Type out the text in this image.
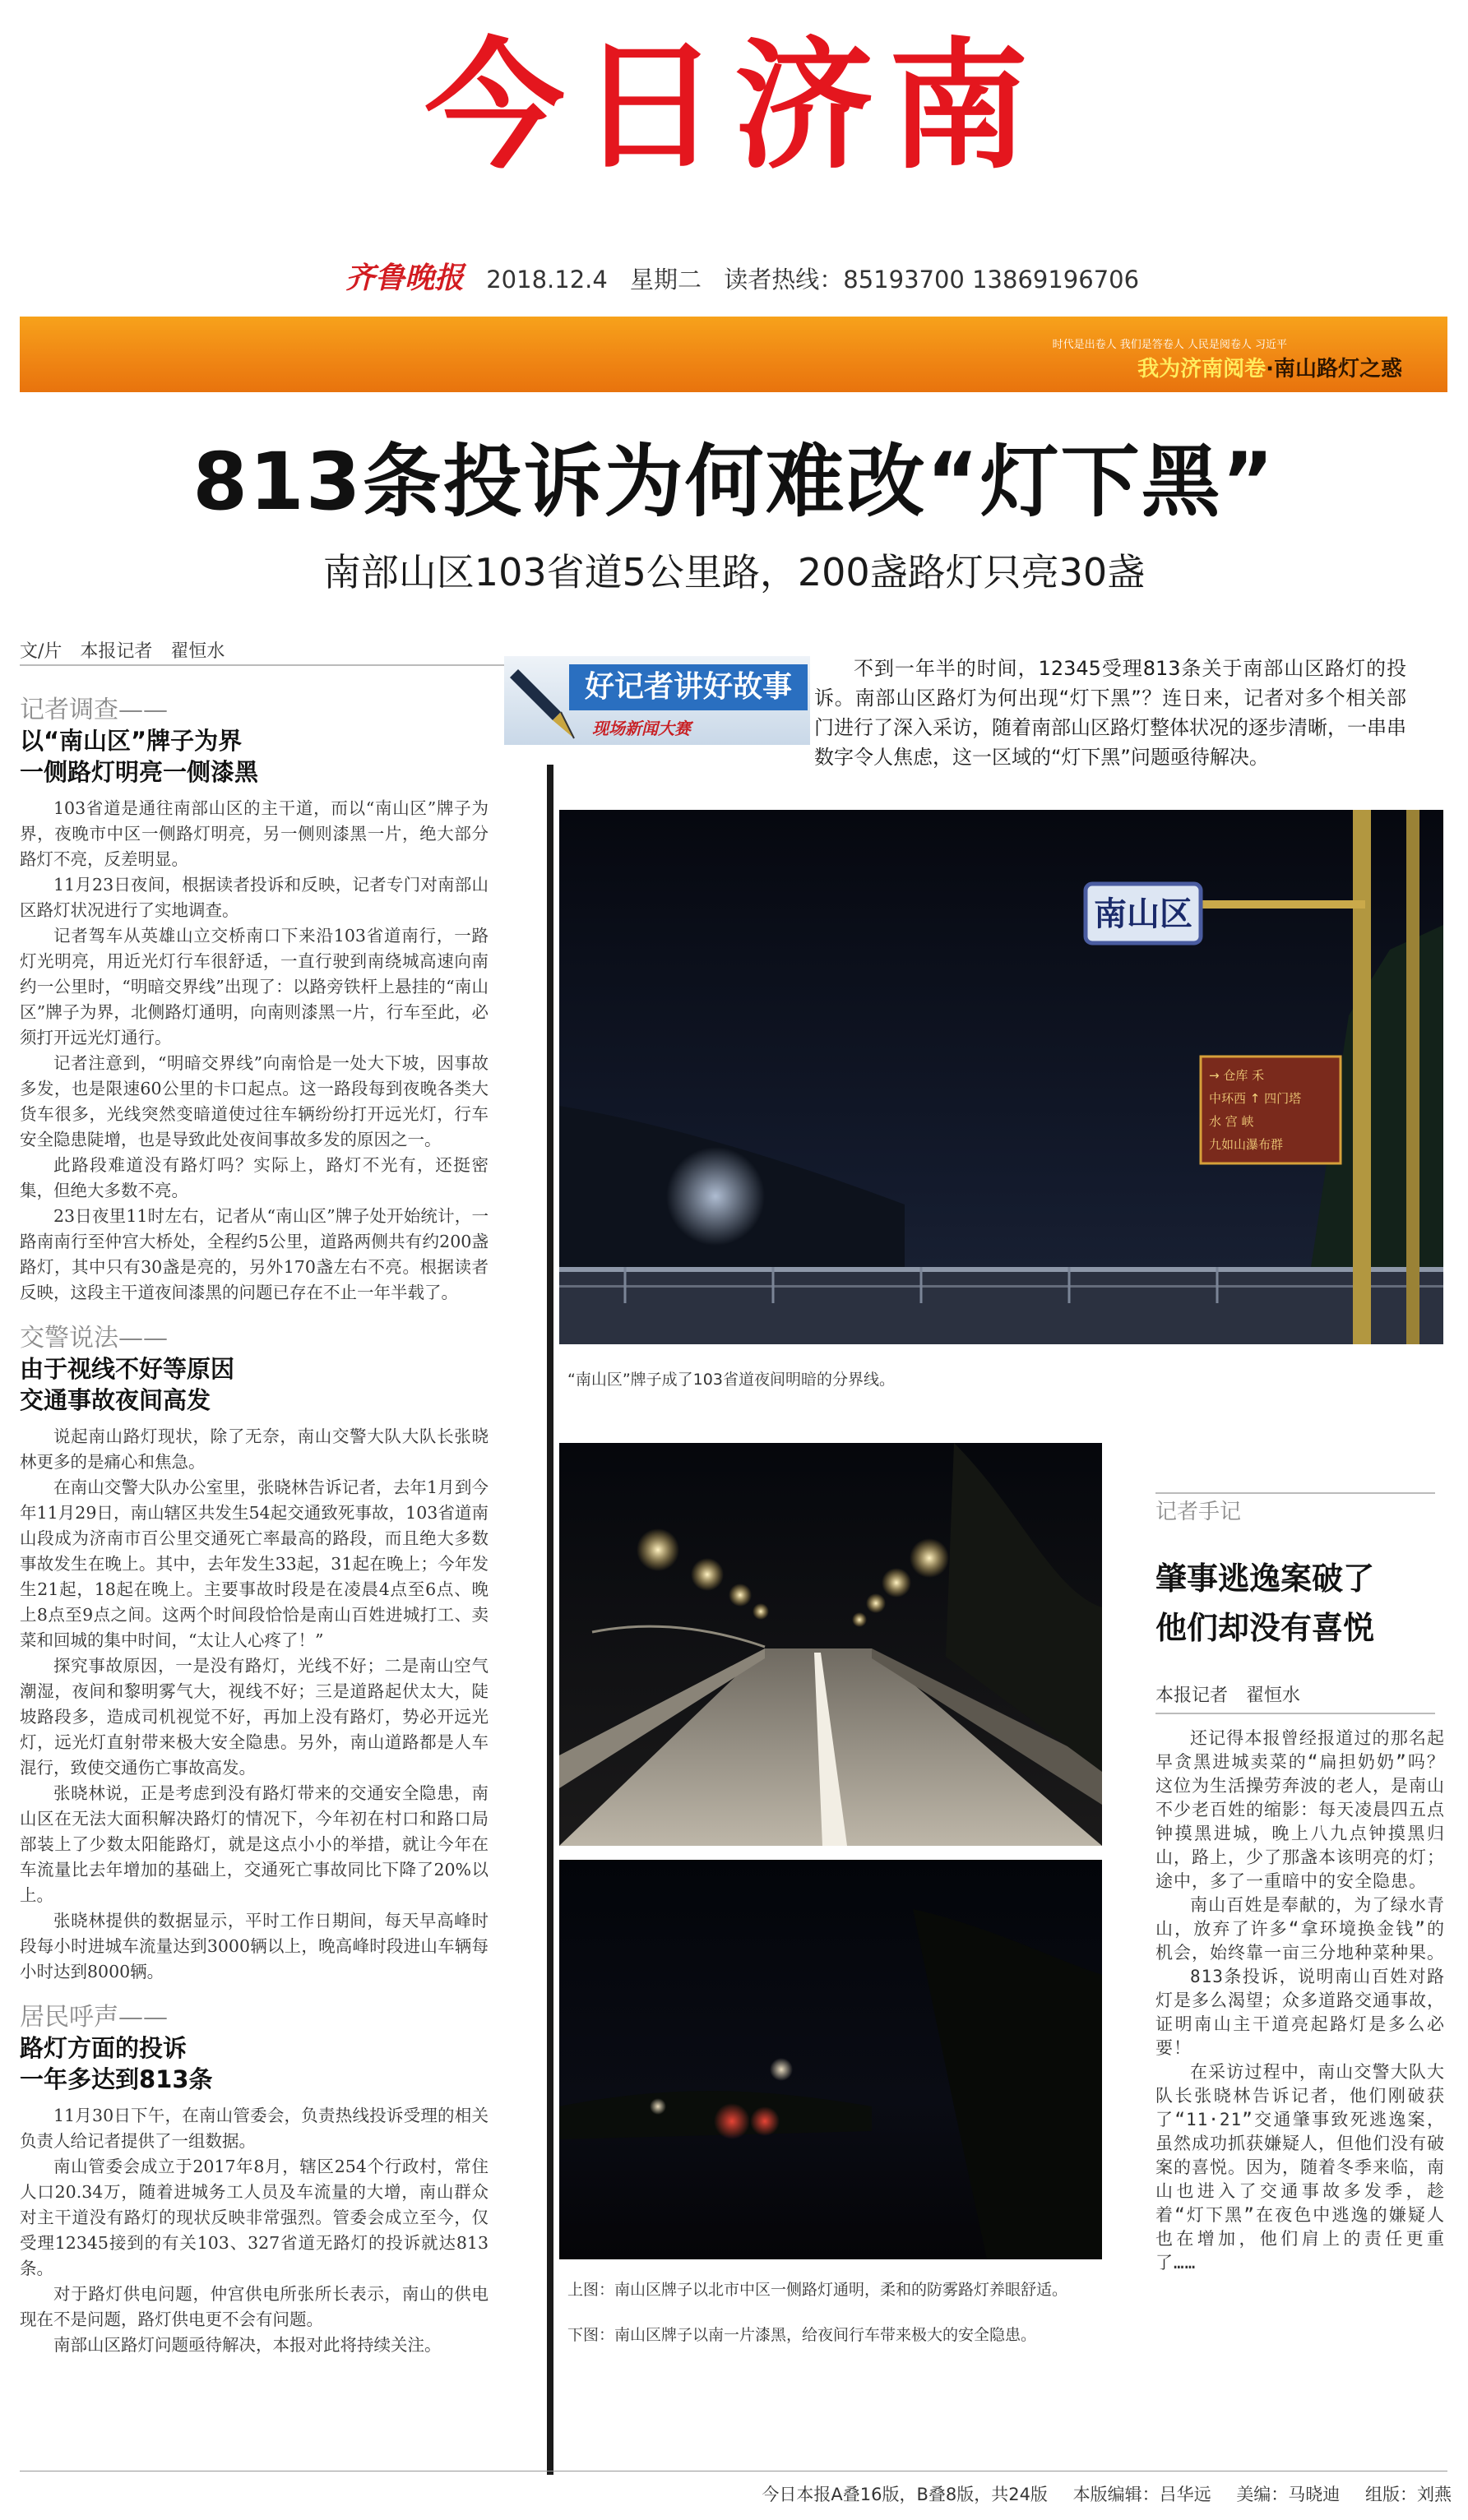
今日济南
齐鲁晚报 2018.12.4 星期二 读者热线：85193700 13869196706
时代是出卷人 我们是答卷人 人民是阅卷人 习近平
我为济南阅卷·南山路灯之惑
813条投诉为何难改“灯下黑”
南部山区103省道5公里路，200盏路灯只亮30盏
文/片　本报记者　翟恒水
记者调查——
以“南山区”牌子为界
一侧路灯明亮一侧漆黑

103省道是通往南部山区的主干道，而以“南山区”牌子为界，夜晚市中区一侧路灯明亮，另一侧则漆黑一片，绝大部分路灯不亮，反差明显。

11月23日夜间，根据读者投诉和反映，记者专门对南部山区路灯状况进行了实地调查。

记者驾车从英雄山立交桥南口下来沿103省道南行，一路灯光明亮，用近光灯行车很舒适，一直行驶到南绕城高速向南约一公里时，“明暗交界线”出现了：以路旁铁杆上悬挂的“南山区”牌子为界，北侧路灯通明，向南则漆黑一片，行车至此，必须打开远光灯通行。

记者注意到，“明暗交界线”向南恰是一处大下坡，因事故多发，也是限速60公里的卡口起点。这一路段每到夜晚各类大货车很多，光线突然变暗道使过往车辆纷纷打开远光灯，行车安全隐患陡增，也是导致此处夜间事故多发的原因之一。

此路段难道没有路灯吗？实际上，路灯不光有，还挺密集，但绝大多数不亮。

23日夜里11时左右，记者从“南山区”牌子处开始统计，一路南南行至仲宫大桥处，全程约5公里，道路两侧共有约200盏路灯，其中只有30盏是亮的，另外170盏左右不亮。根据读者反映，这段主干道夜间漆黑的问题已存在不止一年半载了。

交警说法——
由于视线不好等原因
交通事故夜间高发

说起南山路灯现状，除了无奈，南山交警大队大队长张晓林更多的是痛心和焦急。

在南山交警大队办公室里，张晓林告诉记者，去年1月到今年11月29日，南山辖区共发生54起交通致死事故，103省道南山段成为济南市百公里交通死亡率最高的路段，而且绝大多数事故发生在晚上。其中，去年发生33起，31起在晚上；今年发生21起，18起在晚上。主要事故时段是在凌晨4点至6点、晚上8点至9点之间。这两个时间段恰恰是南山百姓进城打工、卖菜和回城的集中时间，“太让人心疼了！”

探究事故原因，一是没有路灯，光线不好；二是南山空气潮湿，夜间和黎明雾气大，视线不好；三是道路起伏太大，陡坡路段多，造成司机视觉不好，再加上没有路灯，势必开远光灯，远光灯直射带来极大安全隐患。另外，南山道路都是人车混行，致使交通伤亡事故高发。

张晓林说，正是考虑到没有路灯带来的交通安全隐患，南山区在无法大面积解决路灯的情况下，今年初在村口和路口局部装上了少数太阳能路灯，就是这点小小的举措，就让今年在车流量比去年增加的基础上，交通死亡事故同比下降了20%以上。

张晓林提供的数据显示，平时工作日期间，每天早高峰时段每小时进城车流量达到3000辆以上，晚高峰时段进山车辆每小时达到8000辆。

居民呼声——
路灯方面的投诉
一年多达到813条

11月30日下午，在南山管委会，负责热线投诉受理的相关负责人给记者提供了一组数据。

南山管委会成立于2017年8月，辖区254个行政村，常住人口20.34万，随着进城务工人员及车流量的大增，南山群众对主干道没有路灯的现状反映非常强烈。管委会成立至今，仅受理12345接到的有关103、327省道无路灯的投诉就达813条。

对于路灯供电问题，仲宫供电所张所长表示，南山的供电现在不是问题，路灯供电更不会有问题。

南部山区路灯问题亟待解决，本报对此将持续关注。

好记者讲好故事
现场新闻大赛

不到一年半的时间，12345受理813条关于南部山区路灯的投诉。南部山区路灯为何出现“灯下黑”？连日来，记者对多个相关部门进行了深入采访，随着南部山区路灯整体状况的逐步清晰，一串串数字令人焦虑，这一区域的“灯下黑”问题亟待解决。

南山区
→ 仓库 禾
中环西 ↑ 四门塔
水 宫 峡
九如山瀑布群
“南山区”牌子成了103省道夜间明暗的分界线。
上图：南山区牌子以北市中区一侧路灯通明，柔和的防雾路灯养眼舒适。
下图：南山区牌子以南一片漆黑，给夜间行车带来极大的安全隐患。
记者手记
肇事逃逸案破了
他们却没有喜悦
本报记者　翟恒水

还记得本报曾经报道过的那名起早贪黑进城卖菜的“扁担奶奶”吗？这位为生活操劳奔波的老人，是南山不少老百姓的缩影：每天凌晨四五点钟摸黑进城，晚上八九点钟摸黑归山，路上，少了那盏本该明亮的灯；途中，多了一重暗中的安全隐患。

南山百姓是奉献的，为了绿水青山，放弃了许多“拿环境换金钱”的机会，始终靠一亩三分地种菜种果。

813条投诉，说明南山百姓对路灯是多么渴望；众多道路交通事故，证明南山主干道亮起路灯是多么必要！

在采访过程中，南山交警大队大队长张晓林告诉记者，他们刚破获了“11·21”交通肇事致死逃逸案，虽然成功抓获嫌疑人，但他们没有破案的喜悦。因为，随着冬季来临，南山也进入了交通事故多发季，趁着“灯下黑”在夜色中逃逸的嫌疑人也在增加，他们肩上的责任更重了……

今日本报A叠16版，B叠8版，共24版 本版编辑：吕华远 美编：马晓迪 组版：刘燕
